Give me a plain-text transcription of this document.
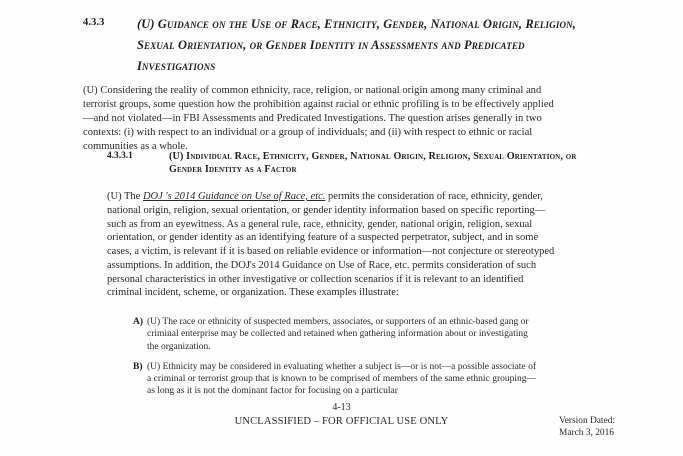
4.3.3	(U) Guidance on the Use of Race, Ethnicity, Gender, National Origin, Religion, Sexual Orientation, or Gender Identity in Assessments and Predicated Investigations
(U) Considering the reality of common ethnicity, race, religion, or national origin among many criminal and terrorist groups, some question how the prohibition against racial or ethnic profiling is to be effectively applied—and not violated—in FBI Assessments and Predicated Investigations. The question arises generally in two contexts: (i) with respect to an individual or a group of individuals; and (ii) with respect to ethnic or racial communities as a whole.
4.3.3.1	(U) Individual Race, Ethnicity, Gender, National Origin, Religion, Sexual Orientation, or Gender Identity as a Factor
(U) The DOJ 's 2014 Guidance on Use of Race, etc. permits the consideration of race, ethnicity, gender, national origin, religion, sexual orientation, or gender identity information based on specific reporting—such as from an eyewitness. As a general rule, race, ethnicity, gender, national origin, religion, sexual orientation, or gender identity as an identifying feature of a suspected perpetrator, subject, and in some cases, a victim, is relevant if it is based on reliable evidence or information—not conjecture or stereotyped assumptions. In addition, the DOJ's 2014 Guidance on Use of Race, etc. permits consideration of such personal characteristics in other investigative or collection scenarios if it is relevant to an identified criminal incident, scheme, or organization. These examples illustrate:
A) (U) The race or ethnicity of suspected members, associates, or supporters of an ethnic-based gang or criminal enterprise may be collected and retained when gathering information about or investigating the organization.
B) (U) Ethnicity may be considered in evaluating whether a subject is—or is not—a possible associate of a criminal or terrorist group that is known to be comprised of members of the same ethnic grouping—as long as it is not the dominant factor for focusing on a particular
4-13
UNCLASSIFIED – FOR OFFICIAL USE ONLY	Version Dated:
March 3, 2016
